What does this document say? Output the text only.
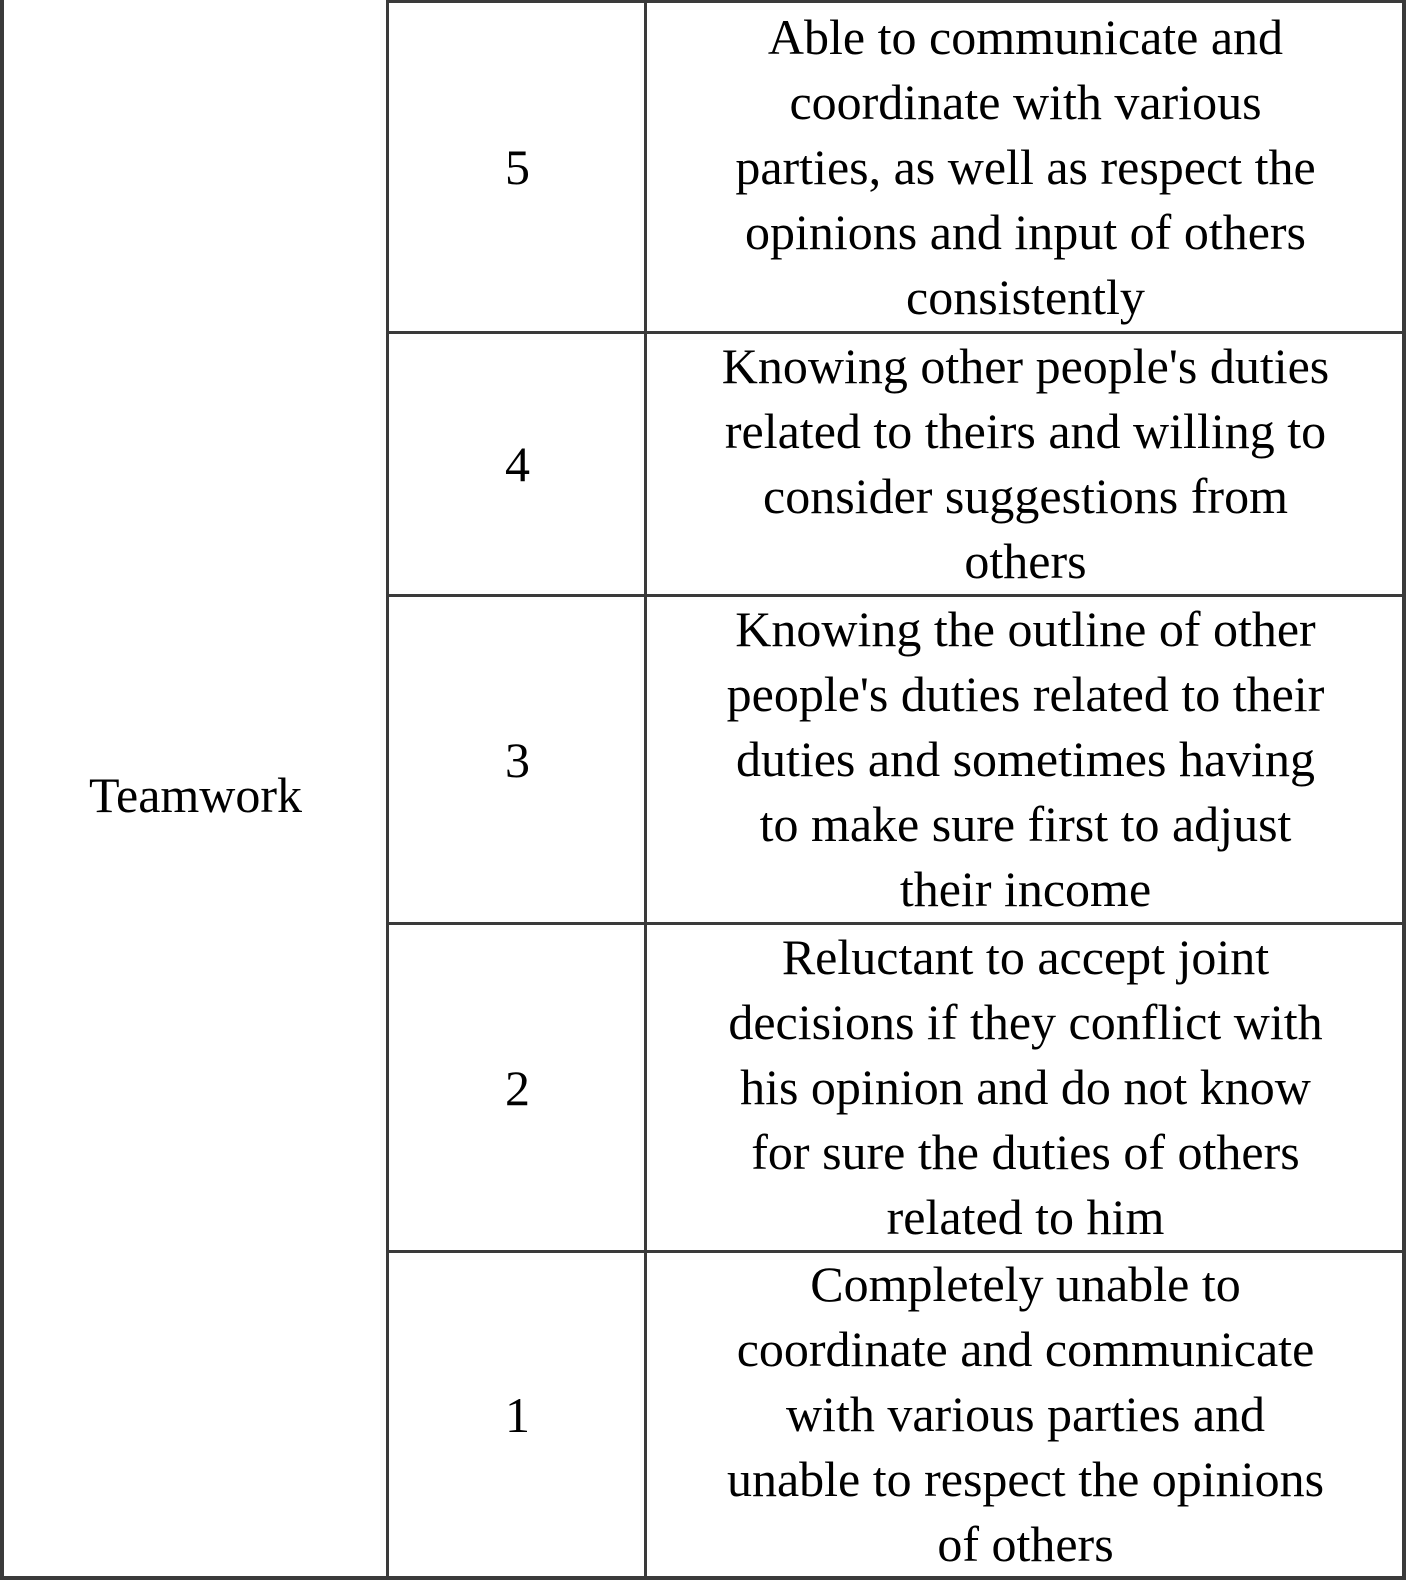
Teamwork
5
Able to communicate and
coordinate with various
parties, as well as respect the
opinions and input of others
consistently
4
Knowing other people's duties
related to theirs and willing to
consider suggestions from
others
3
Knowing the outline of other
people's duties related to their
duties and sometimes having
to make sure first to adjust
their income
2
Reluctant to accept joint
decisions if they conflict with
his opinion and do not know
for sure the duties of others
related to him
1
Completely unable to
coordinate and communicate
with various parties and
unable to respect the opinions
of others
